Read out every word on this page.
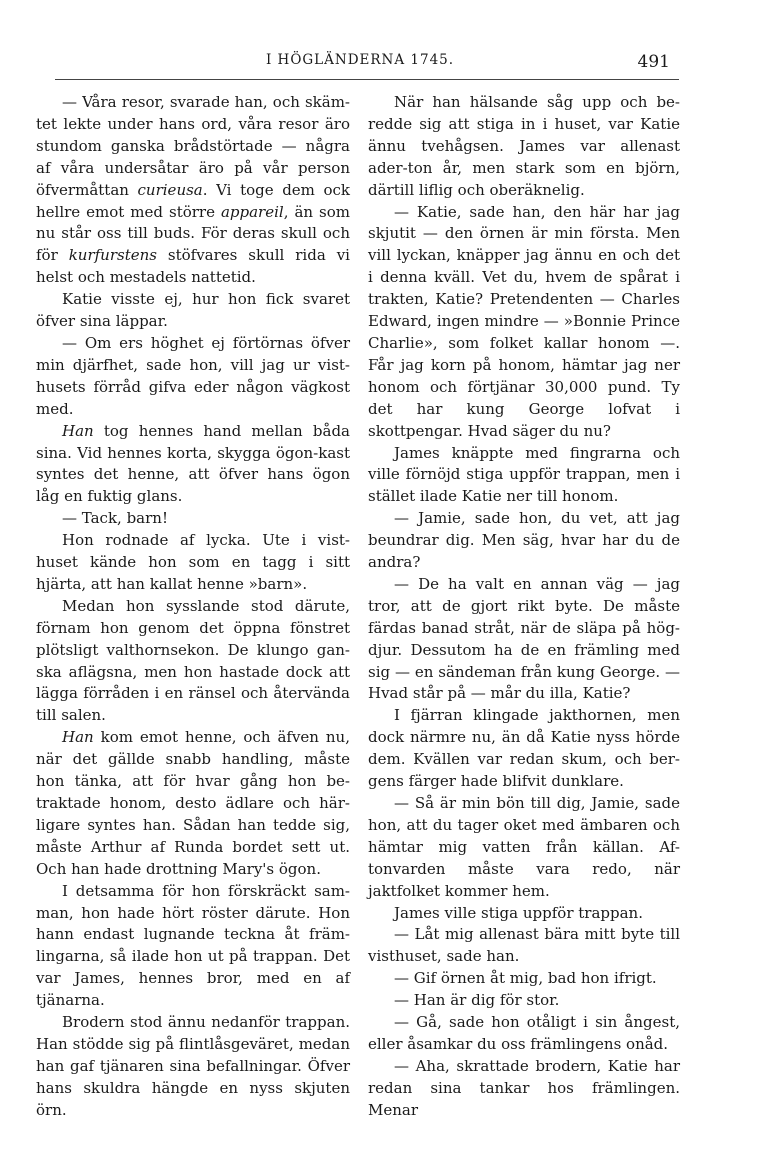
I HÖGLÄNDERNA 1745.	491

— Våra resor, svarade han, och skäm-tet lekte under hans ord, våra resor äro stundom ganska brådstörtade — några af våra undersåtar äro på vår person öfvermåttan curieusa. Vi toge dem ock hellre emot med större appareil, än som nu står oss till buds. För deras skull och för kurfurstens stöfvares skull rida vi helst och mestadels nattetid.

Katie visste ej, hur hon fick svaret öfver sina läppar.

— Om ers höghet ej förtörnas öfver min djärfhet, sade hon, vill jag ur vist-husets förråd gifva eder någon vägkost med.

Han tog hennes hand mellan båda sina. Vid hennes korta, skygga ögon-kast syntes det henne, att öfver hans ögon låg en fuktig glans.

— Tack, barn!

Hon rodnade af lycka. Ute i vist-huset kände hon som en tagg i sitt hjärta, att han kallat henne »barn».

Medan hon sysslande stod därute, förnam hon genom det öppna fönstret plötsligt valthornsekon. De klungo gan-ska aflägsna, men hon hastade dock att lägga förråden i en ränsel och återvända till salen.

Han kom emot henne, och äfven nu, när det gällde snabb handling, måste hon tänka, att för hvar gång hon be-traktade honom, desto ädlare och här-ligare syntes han. Sådan han tedde sig, måste Arthur af Runda bordet sett ut. Och han hade drottning Mary's ögon.

I detsamma för hon förskräckt sam-man, hon hade hört röster därute. Hon hann endast lugnande teckna åt främ-lingarna, så ilade hon ut på trappan. Det var James, hennes bror, med en af tjänarna.

Brodern stod ännu nedanför trappan. Han stödde sig på flintlåsgeväret, medan han gaf tjänaren sina befallningar. Öfver hans skuldra hängde en nyss skjuten örn.

När han hälsande såg upp och be-redde sig att stiga in i huset, var Katie ännu tvehågsen. James var allenast ader-ton år, men stark som en björn, därtill liflig och oberäknelig.

— Katie, sade han, den här har jag skjutit — den örnen är min första. Men vill lyckan, knäpper jag ännu en och det i denna kväll. Vet du, hvem de spårat i trakten, Katie? Pretendenten — Charles Edward, ingen mindre — »Bonnie Prince Charlie», som folket kallar honom —. Får jag korn på honom, hämtar jag ner honom och förtjänar 30,000 pund. Ty det har kung George lofvat i skottpengar. Hvad säger du nu?

James knäppte med fingrarna och ville förnöjd stiga uppför trappan, men i stället ilade Katie ner till honom.

— Jamie, sade hon, du vet, att jag beundrar dig. Men säg, hvar har du de andra?

— De ha valt en annan väg — jag tror, att de gjort rikt byte. De måste färdas banad stråt, när de släpa på hög-djur. Dessutom ha de en främling med sig — en sändeman från kung George. — Hvad står på — mår du illa, Katie?

I fjärran klingade jakthornen, men dock närmre nu, än då Katie nyss hörde dem. Kvällen var redan skum, och ber-gens färger hade blifvit dunklare.

— Så är min bön till dig, Jamie, sade hon, att du tager oket med ämbaren och hämtar mig vatten från källan. Af-tonvarden måste vara redo, när jaktfolket kommer hem.

James ville stiga uppför trappan.

— Låt mig allenast bära mitt byte till visthuset, sade han.

— Gif örnen åt mig, bad hon ifrigt.

— Han är dig för stor.

— Gå, sade hon otåligt i sin ångest, eller åsamkar du oss främlingens onåd.

— Aha, skrattade brodern, Katie har redan sina tankar hos främlingen. Menar
